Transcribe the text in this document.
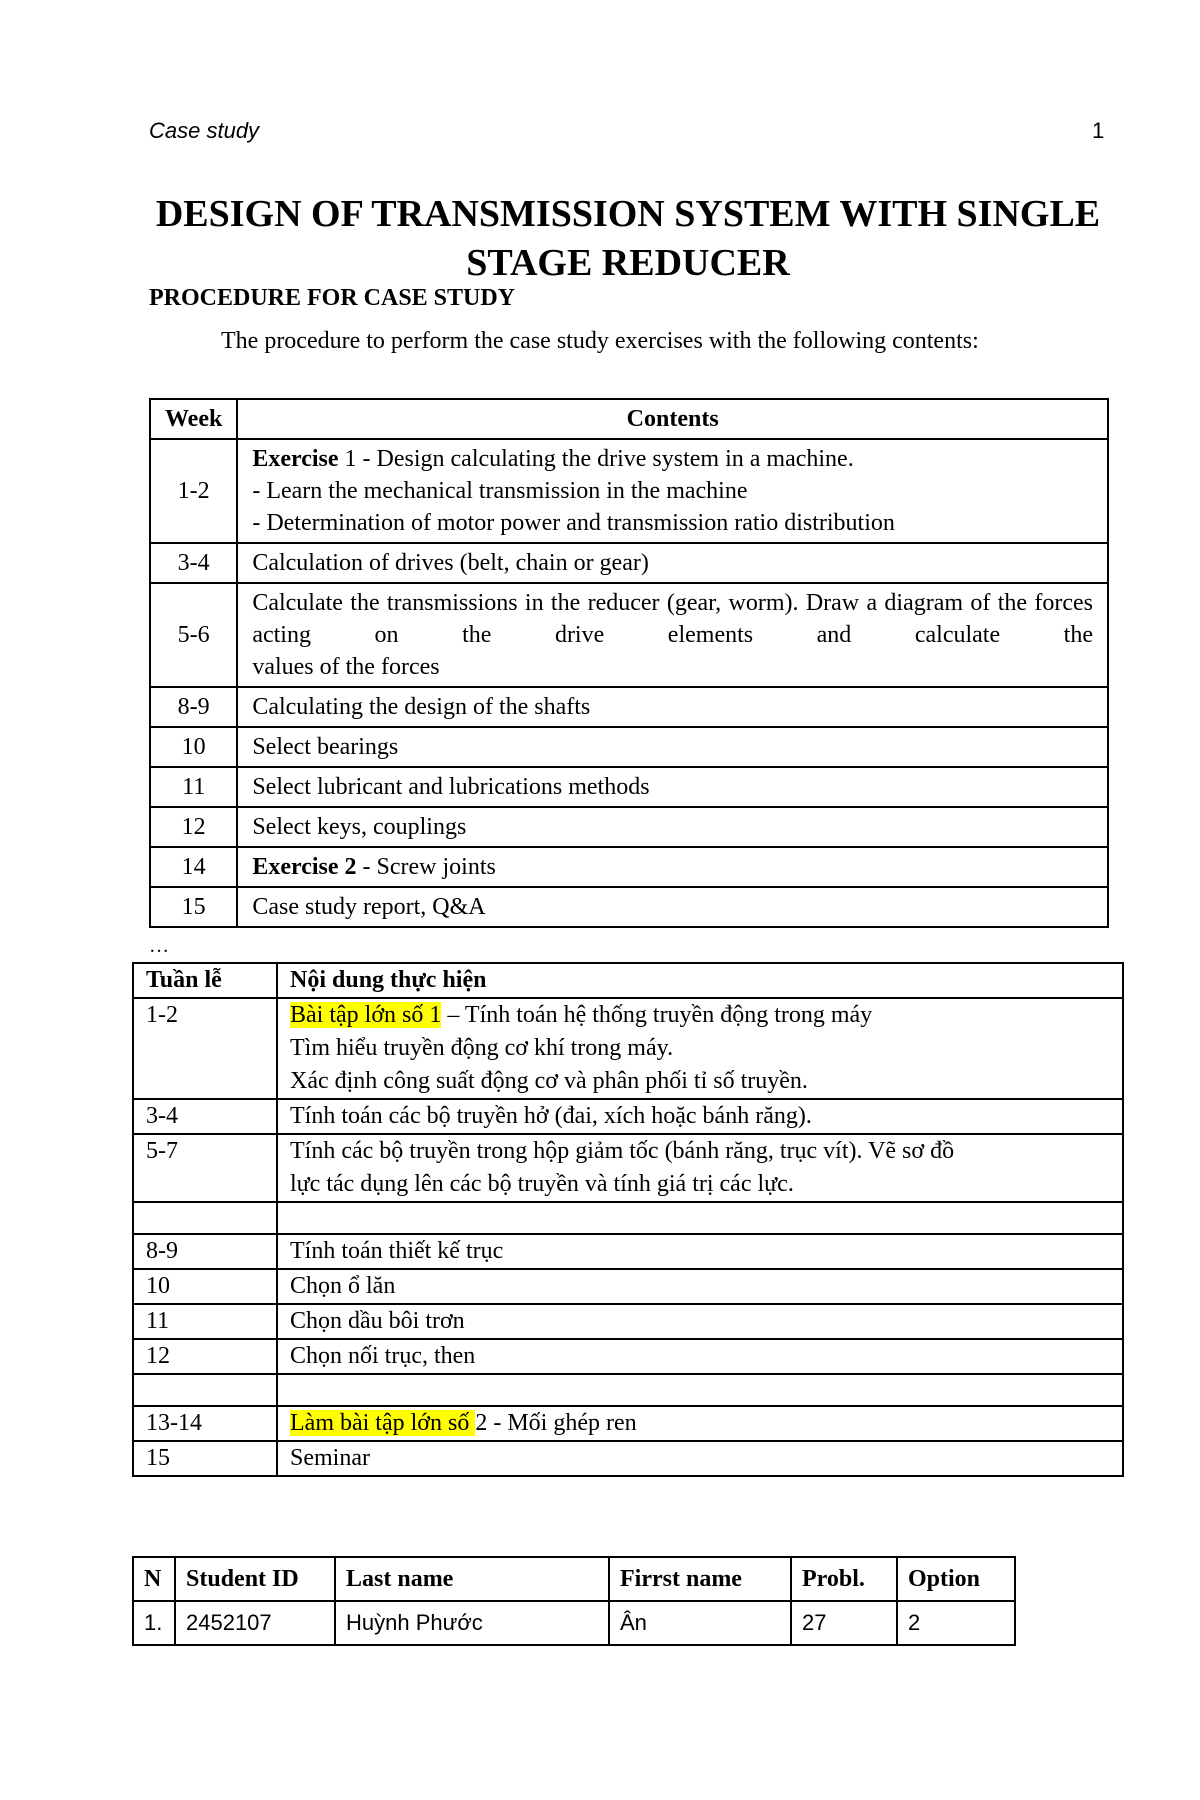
Case study	1
DESIGN OF TRANSMISSION SYSTEM WITH SINGLE STAGE REDUCER
PROCEDURE FOR CASE STUDY
The procedure to perform the case study exercises with the following contents:
Week	Contents
1-2	Exercise 1 - Design calculating the drive system in a machine.
- Learn the mechanical transmission in the machine
- Determination of motor power and transmission ratio distribution
3-4	Calculation of drives (belt, chain or gear)
5-6	Calculate the transmissions in the reducer (gear, worm). Draw a diagram of the forces acting on the drive elements and calculate the
values of the forces

8-9	Calculating the design of the shafts
10	Select bearings
11	Select lubricant and lubrications methods
12	Select keys, couplings
14	Exercise 2 - Screw joints
15	Case study report, Q&A
…
Tuần lễ	Nội dung thực hiện
1-2	Bài tập lớn số 1 – Tính toán hệ thống truyền động trong máy
Tìm hiểu truyền động cơ khí trong máy.
Xác định công suất động cơ và phân phối tỉ số truyền.
3-4	Tính toán các bộ truyền hở (đai, xích hoặc bánh răng).
5-7	Tính các bộ truyền trong hộp giảm tốc (bánh răng, trục vít). Vẽ sơ đồ
lực tác dụng lên các bộ truyền và tính giá trị các lực.

8-9	Tính toán thiết kế trục
10	Chọn ổ lăn
11	Chọn dầu bôi trơn
12	Chọn nối trục, then

13-14	Làm bài tập lớn số 2 - Mối ghép ren
15	Seminar
N	Student ID	Last name	Firrst name	Probl.	Option
1.	2452107	Huỳnh Phước	Ân	27	2
